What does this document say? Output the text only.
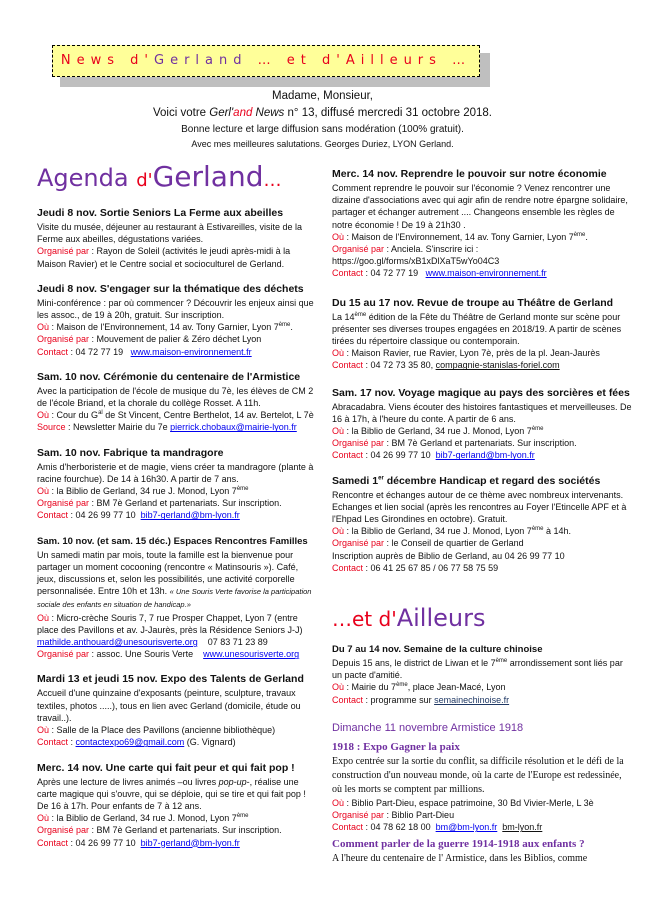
News d'Gerland … et d'Ailleurs …
Madame, Monsieur,
Voici votre Gerl'and News n° 13, diffusé mercredi 31 octobre 2018.
Bonne lecture et large diffusion sans modération (100% gratuit).
Avec mes meilleures salutations. Georges Duriez, LYON Gerland.
Agenda d'Gerland…
Jeudi 8 nov. Sortie Seniors La Ferme aux abeilles
Visite du musée, déjeuner au restaurant à Estivareilles, visite de la Ferme aux abeilles, dégustations variées.
Organisé par : Rayon de Soleil (activités le jeudi après-midi à la Maison Ravier) et le Centre social et socioculturel de Gerland.
Jeudi 8 nov. S'engager sur la thématique des déchets
Mini-conférence : par où commencer ? Découvrir les enjeux ainsi que les assoc., de 19 à 20h, gratuit. Sur inscription.
Où : Maison de l'Environnement, 14 av. Tony Garnier, Lyon 7ème.
Organisé par : Mouvement de palier & Zéro déchet Lyon
Contact : 04 72 77 19 www.maison-environnement.fr
Sam. 10 nov. Cérémonie du centenaire de l'Armistice
Avec la participation de l'école de musique du 7è, les élèves de CM 2 de l'école Briand, et la chorale du collège Rosset. A 11h.
Où : Cour du $G^{al}$ de St Vincent, Centre Berthelot, 14 av. Bertelot, L 7è
Source : Newsletter Mairie du 7e pierrick.chobaux@mairie-lyon.fr
Sam. 10 nov. Fabrique ta mandragore
Amis d'herboristerie et de magie, viens créer ta mandragore (plante à racine fourchue). De 14 à 16h30. A partir de 7 ans.
Où : la Biblio de Gerland, 34 rue J. Monod, Lyon 7ème
Organisé par : BM 7è Gerland et partenariats. Sur inscription.
Contact : 04 26 99 77 10 bib7-gerland@bm-lyon.fr
Sam. 10 nov. (et sam. 15 déc.) Espaces Rencontres Familles
Un samedi matin par mois, toute la famille est la bienvenue pour partager un moment cocooning (rencontre « Matinsouris »). Café, jeux, discussions et, selon les possibilités, une activité corporelle personnalisée. Entre 10h et 13h. « Une Souris Verte favorise la participation sociale des enfants en situation de handicap.»
Où : Micro-crèche Souris 7, 7 rue Prosper Chappet, Lyon 7 (entre place des Pavillons et av. J-Jaurès, près la Résidence Seniors J-J)
mathilde.anthouard@unesourisverte.org 07 83 71 23 89
Organisé par : assoc. Une Souris Verte www.unesourisverte.org
Mardi 13 et jeudi 15 nov. Expo des Talents de Gerland
Accueil d'une quinzaine d'exposants (peinture, sculpture, travaux textiles, photos .....), tous en lien avec Gerland (domicile, étude ou travail..).
Où : Salle de la Place des Pavillons (ancienne bibliothèque)
Contact : contactexpo69@gmail.com (G. Vignard)
Merc. 14 nov. Une carte qui fait peur et qui fait pop !
Après une lecture de livres animés –ou livres pop-up-, réalise une carte magique qui s'ouvre, qui se déploie, qui se tire et qui fait pop ! De 16 à 17h. Pour enfants de 7 à 12 ans.
Où : la Biblio de Gerland, 34 rue J. Monod, Lyon 7ème
Organisé par : BM 7è Gerland et partenariats. Sur inscription.
Contact : 04 26 99 77 10 bib7-gerland@bm-lyon.fr
Merc. 14 nov. Reprendre le pouvoir sur notre économie
Comment reprendre le pouvoir sur l'économie ? Venez rencontrer une dizaine d'associations avec qui agir afin de rendre notre épargne solidaire, partager et échanger autrement .... Changeons ensemble les règles de notre économie ! De 19 à 21h30 .
Où : Maison de l'Environnement, 14 av. Tony Garnier, Lyon 7ème.
Organisé par : Anciela. S'inscrire ici :
https://goo.gl/forms/xB1xDlXaT5wYo04C3
Contact : 04 72 77 19 www.maison-environnement.fr
Du 15 au 17 nov. Revue de troupe au Théâtre de Gerland
La 14ème édition de la Fête du Théâtre de Gerland monte sur scène pour présenter ses diverses troupes engagées en 2018/19. A partir de scènes tirées du répertoire classique ou contemporain.
Où : Maison Ravier, rue Ravier, Lyon 7è, près de la pl. Jean-Jaurès
Contact : 04 72 73 35 80, compagnie-stanislas-foriel.com
Sam. 17 nov. Voyage magique au pays des sorcières et fées
Abracadabra. Viens écouter des histoires fantastiques et merveilleuses. De 16 à 17h, à l'heure du conte. A partir de 6 ans.
Où : la Biblio de Gerland, 34 rue J. Monod, Lyon 7ème
Organisé par : BM 7è Gerland et partenariats. Sur inscription.
Contact : 04 26 99 77 10 bib7-gerland@bm-lyon.fr
Samedi 1er décembre Handicap et regard des sociétés
Rencontre et échanges autour de ce thème avec nombreux intervenants. Echanges et lien social (après les rencontres au Foyer l'Etincelle APF et à l'Ehpad Les Girondines en octobre). Gratuit.
Où : la Biblio de Gerland, 34 rue J. Monod, Lyon 7ème à 14h.
Organisé par : le Conseil de quartier de Gerland
Inscription auprès de Biblio de Gerland, au 04 26 99 77 10
Contact : 06 41 25 67 85 / 06 77 58 75 59
…et d'Ailleurs
Du 7 au 14 nov. Semaine de la culture chinoise
Depuis 15 ans, le district de Liwan et le 7ème arrondissement sont liés par un pacte d'amitié.
Où : Mairie du 7ème, place Jean-Macé, Lyon
Contact : programme sur semainechinoise.fr
Dimanche 11 novembre Armistice 1918
1918 : Expo Gagner la paix
Expo centrée sur la sortie du conflit, sa difficile résolution et le défi de la construction d'un nouveau monde, où la carte de l'Europe est redessinée, où les morts se comptent par millions.
Où : Biblio Part-Dieu, espace patrimoine, 30 Bd Vivier-Merle, L 3è
Organisé par : Biblio Part-Dieu
Contact : 04 78 62 18 00 bm@bm-lyon.fr bm-lyon.fr
Comment parler de la guerre 1914-1918 aux enfants ?
A l'heure du centenaire de l' Armistice, dans les Biblios, comme
